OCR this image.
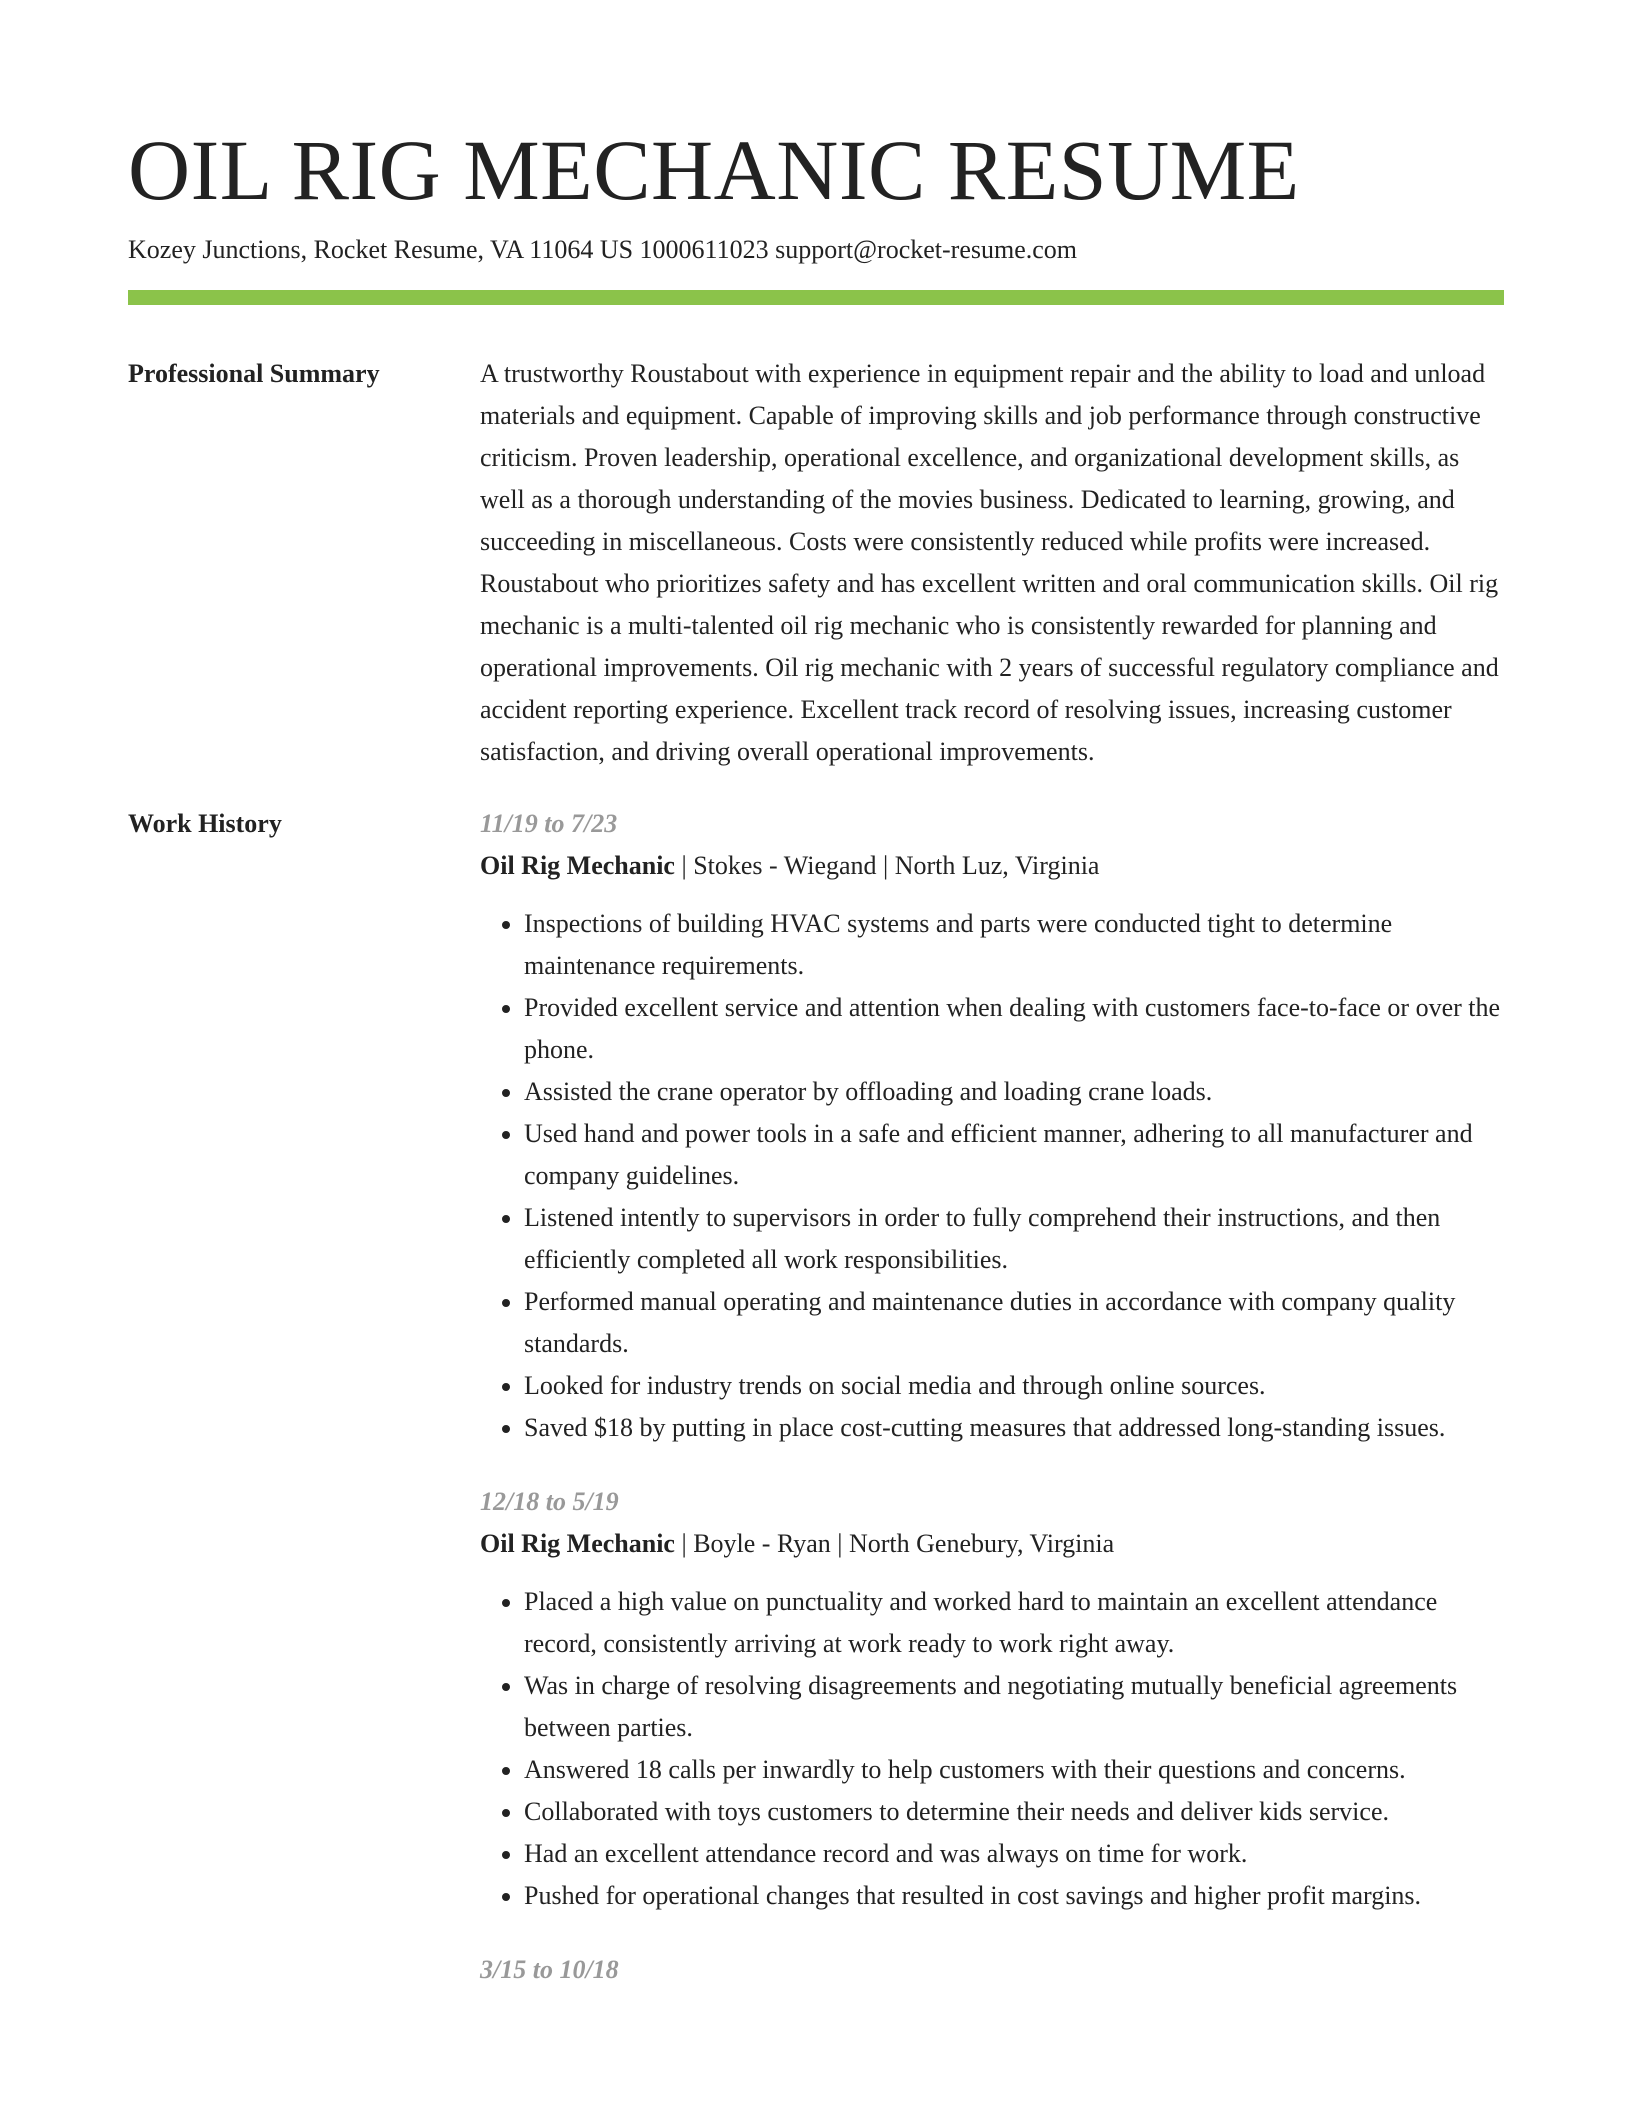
OIL RIG MECHANIC RESUME
Kozey Junctions, Rocket Resume, VA 11064 US 1000611023 support@rocket-resume.com
Professional Summary	A trustworthy Roustabout with experience in equipment repair and the ability to load and unload materials and equipment. Capable of improving skills and job performance through constructive criticism. Proven leadership, operational excellence, and organizational development skills, as well as a thorough understanding of the movies business. Dedicated to learning, growing, and succeeding in miscellaneous. Costs were consistently reduced while profits were increased. Roustabout who prioritizes safety and has excellent written and oral communication skills. Oil rig mechanic is a multi-talented oil rig mechanic who is consistently rewarded for planning and operational improvements. Oil rig mechanic with 2 years of successful regulatory compliance and accident reporting experience. Excellent track record of resolving issues, increasing customer satisfaction, and driving overall operational improvements.

Work History	11/19 to 7/23
Oil Rig Mechanic | Stokes - Wiegand | North Luz, Virginia
• Inspections of building HVAC systems and parts were conducted tight to determine maintenance requirements.
• Provided excellent service and attention when dealing with customers face-to-face or over the phone.
• Assisted the crane operator by offloading and loading crane loads.
• Used hand and power tools in a safe and efficient manner, adhering to all manufacturer and company guidelines.
• Listened intently to supervisors in order to fully comprehend their instructions, and then efficiently completed all work responsibilities.
• Performed manual operating and maintenance duties in accordance with company quality standards.
• Looked for industry trends on social media and through online sources.
• Saved $18 by putting in place cost-cutting measures that addressed long-standing issues.
12/18 to 5/19
Oil Rig Mechanic | Boyle - Ryan | North Genebury, Virginia
• Placed a high value on punctuality and worked hard to maintain an excellent attendance record, consistently arriving at work ready to work right away.
• Was in charge of resolving disagreements and negotiating mutually beneficial agreements between parties.
• Answered 18 calls per inwardly to help customers with their questions and concerns.
• Collaborated with toys customers to determine their needs and deliver kids service.
• Had an excellent attendance record and was always on time for work.
• Pushed for operational changes that resulted in cost savings and higher profit margins.
3/15 to 10/18
